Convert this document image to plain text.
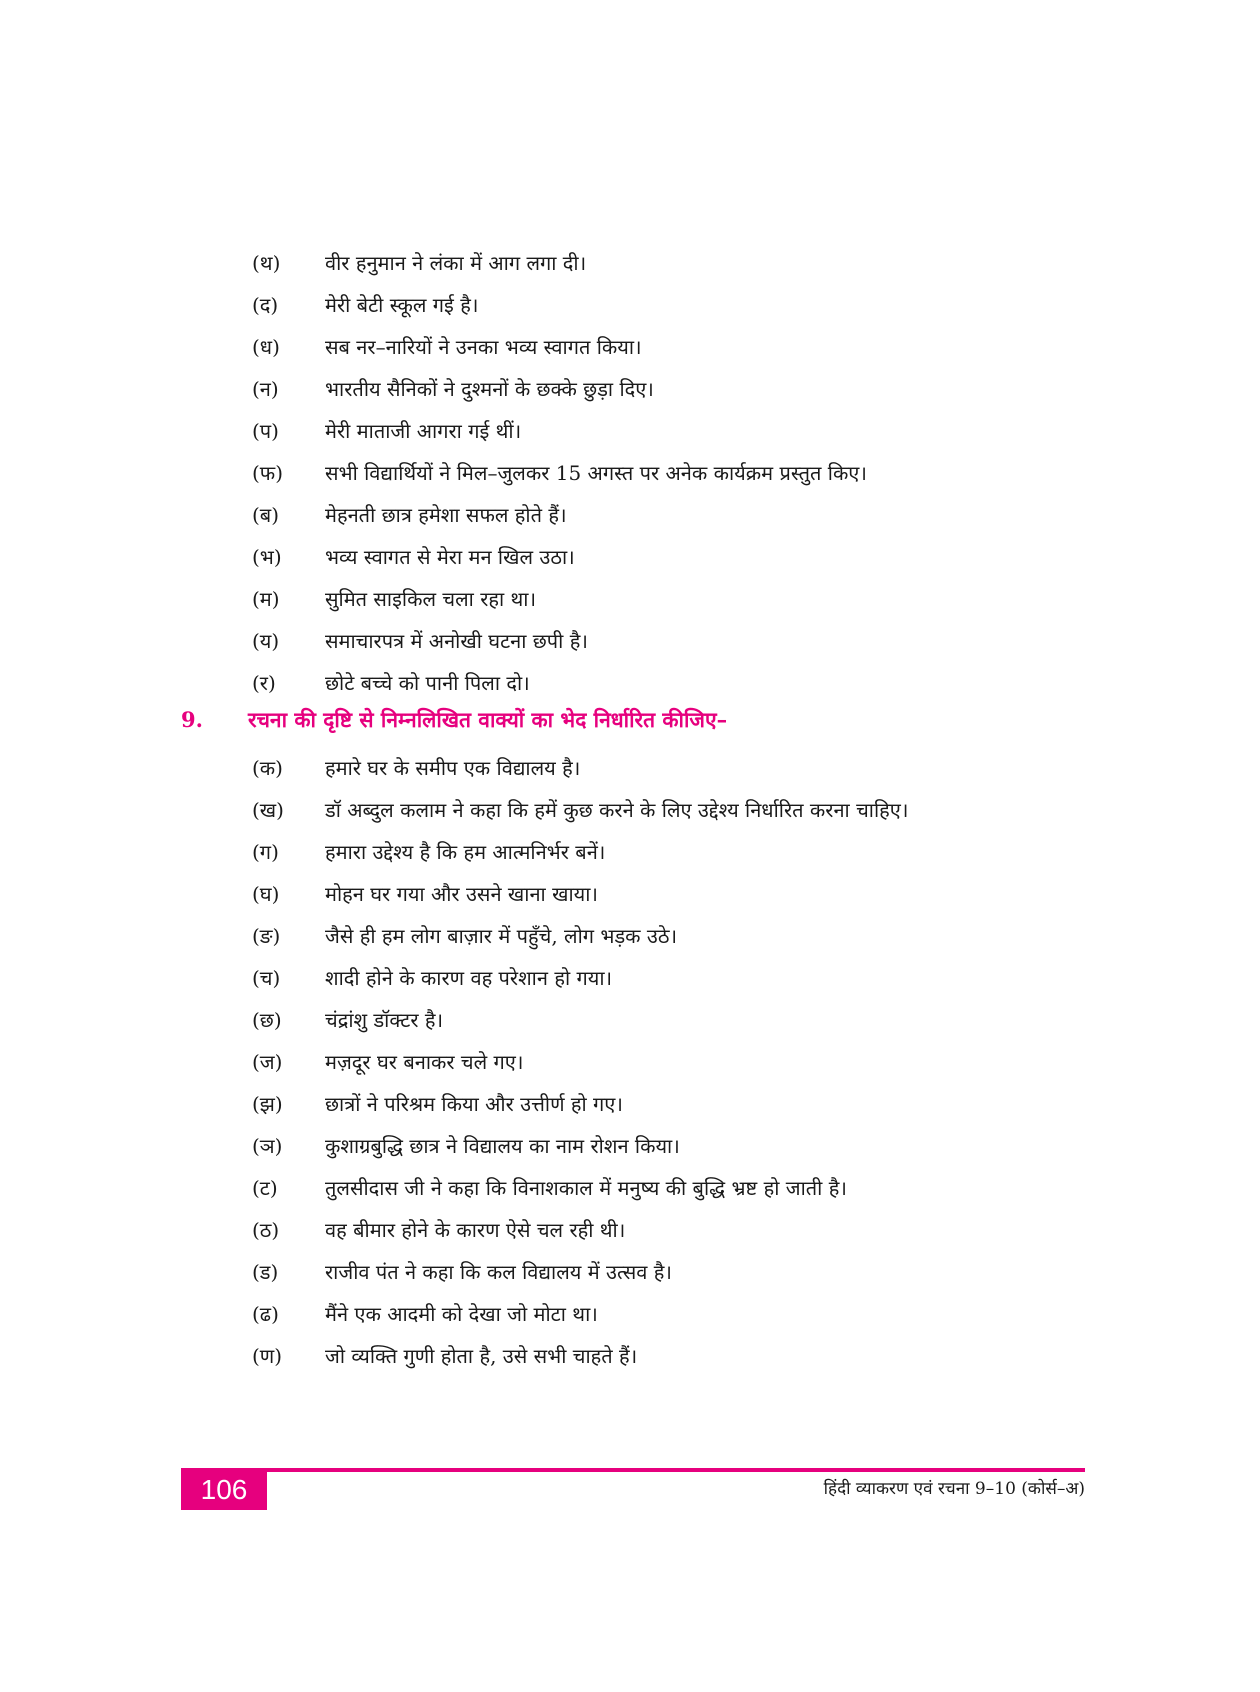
(थ) वीर हनुमान ने लंका में आग लगा दी।
(द) मेरी बेटी स्कूल गई है।
(ध) सब नर–नारियों ने उनका भव्य स्वागत किया।
(न) भारतीय सैनिकों ने दुश्मनों के छक्के छुड़ा दिए।
(प) मेरी माताजी आगरा गई थीं।
(फ) सभी विद्यार्थियों ने मिल–जुलकर 15 अगस्त पर अनेक कार्यक्रम प्रस्तुत किए।
(ब) मेहनती छात्र हमेशा सफल होते हैं।
(भ) भव्य स्वागत से मेरा मन खिल उठा।
(म) सुमित साइकिल चला रहा था।
(य) समाचारपत्र में अनोखी घटना छपी है।
(र) छोटे बच्चे को पानी पिला दो।
9. रचना की दृष्टि से निम्नलिखित वाक्यों का भेद निर्धारित कीजिए–
(क) हमारे घर के समीप एक विद्यालय है।
(ख) डॉ अब्दुल कलाम ने कहा कि हमें कुछ करने के लिए उद्देश्य निर्धारित करना चाहिए।
(ग) हमारा उद्देश्य है कि हम आत्मनिर्भर बनें।
(घ) मोहन घर गया और उसने खाना खाया।
(ङ) जैसे ही हम लोग बाज़ार में पहुँचे, लोग भड़क उठे।
(च) शादी होने के कारण वह परेशान हो गया।
(छ) चंद्रांशु डॉक्टर है।
(ज) मज़दूर घर बनाकर चले गए।
(झ) छात्रों ने परिश्रम किया और उत्तीर्ण हो गए।
(ञ) कुशाग्रबुद्धि छात्र ने विद्यालय का नाम रोशन किया।
(ट) तुलसीदास जी ने कहा कि विनाशकाल में मनुष्य की बुद्धि भ्रष्ट हो जाती है।
(ठ) वह बीमार होने के कारण ऐसे चल रही थी।
(ड) राजीव पंत ने कहा कि कल विद्यालय में उत्सव है।
(ढ) मैंने एक आदमी को देखा जो मोटा था।
(ण) जो व्यक्ति गुणी होता है, उसे सभी चाहते हैं।
106	हिंदी व्याकरण एवं रचना 9–10 (कोर्स–अ)
